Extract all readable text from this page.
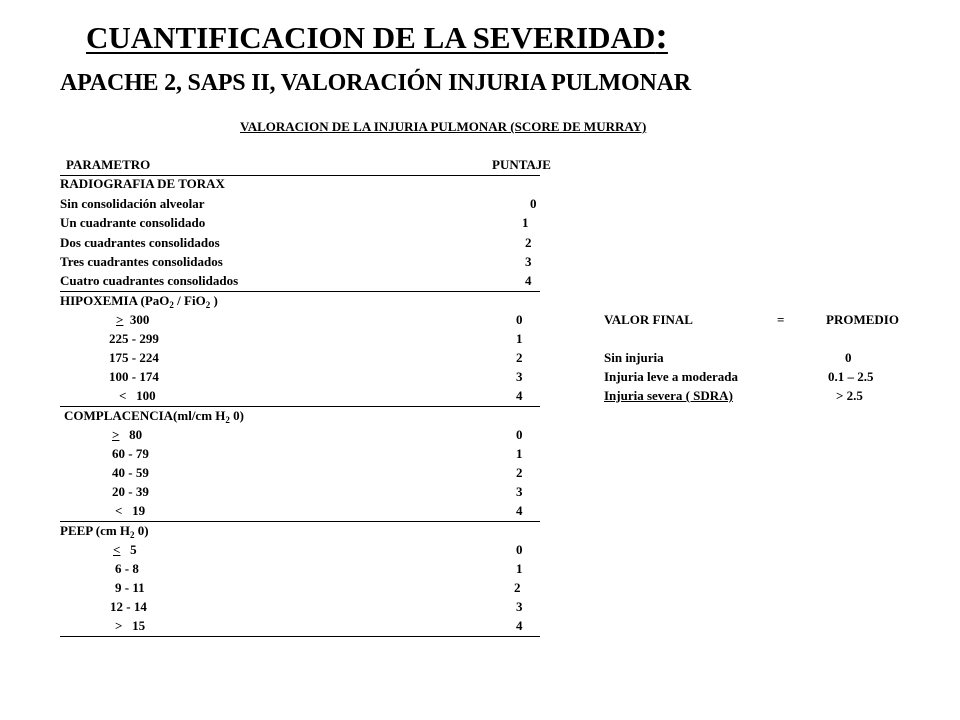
CUANTIFICACION DE LA SEVERIDAD:
APACHE 2, SAPS II, VALORACIÓN INJURIA PULMONAR
VALORACION DE LA INJURIA PULMONAR (SCORE DE MURRAY)
PARAMETRO	PUNTAJE
RADIOGRAFIA DE TORAX
Sin consolidación alveolar	0
Un cuadrante consolidado	1
Dos cuadrantes consolidados	2
Tres cuadrantes consolidados	3
Cuatro cuadrantes consolidados	4
HIPOXEMIA (PaO$_2$ / FiO$_2$ )
> 300	0
225 - 299	1
175 - 224	2
100 - 174	3
< 100	4
COMPLACENCIA(ml/cm $H_2$ 0)
> 80	0
60 - 79	1
40 - 59	2
20 - 39	3
< 19	4
PEEP (cm $H_2$ 0)
< 5	0
6 - 8	1
9 - 11	2
12 - 14	3
> 15	4
VALOR FINAL	=	PROMEDIO
Sin injuria	0
Injuria leve a moderada	0.1 – 2.5
Injuria severa ( SDRA)	> 2.5
